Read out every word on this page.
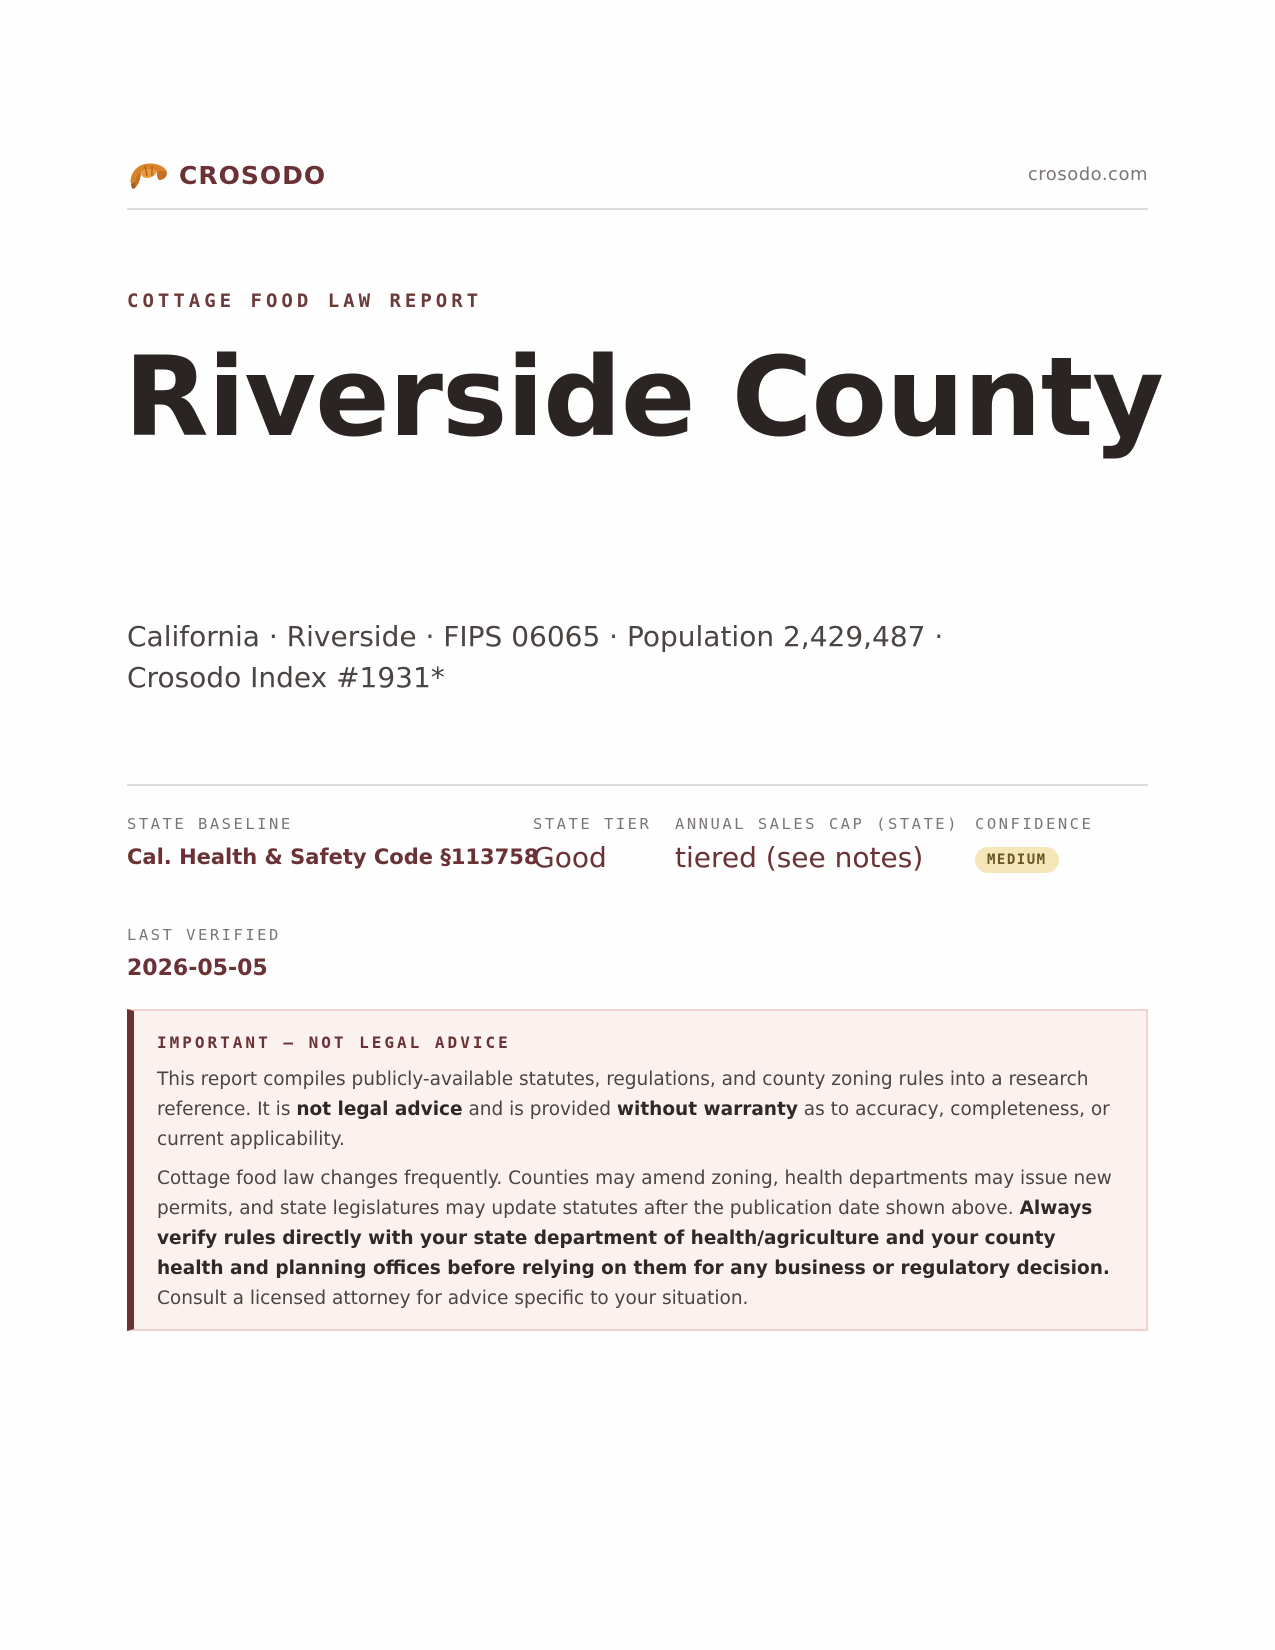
CROSODO	crosodo.com
COTTAGE FOOD LAW REPORT
Riverside County
California · Riverside · FIPS 06065 · Population 2,429,487 · Crosodo Index #1931*
STATE BASELINE
Cal. Health & Safety Code §113758
STATE TIER
Good
ANNUAL SALES CAP (STATE)
tiered (see notes)
CONFIDENCE
MEDIUM
LAST VERIFIED
2026-05-05
IMPORTANT — NOT LEGAL ADVICE

This report compiles publicly-available statutes, regulations, and county zoning rules into a research reference. It is not legal advice and is provided without warranty as to accuracy, completeness, or current applicability.

Cottage food law changes frequently. Counties may amend zoning, health departments may issue new permits, and state legislatures may update statutes after the publication date shown above. Always verify rules directly with your state department of health/agriculture and your county health and planning offices before relying on them for any business or regulatory decision. Consult a licensed attorney for advice specific to your situation.
